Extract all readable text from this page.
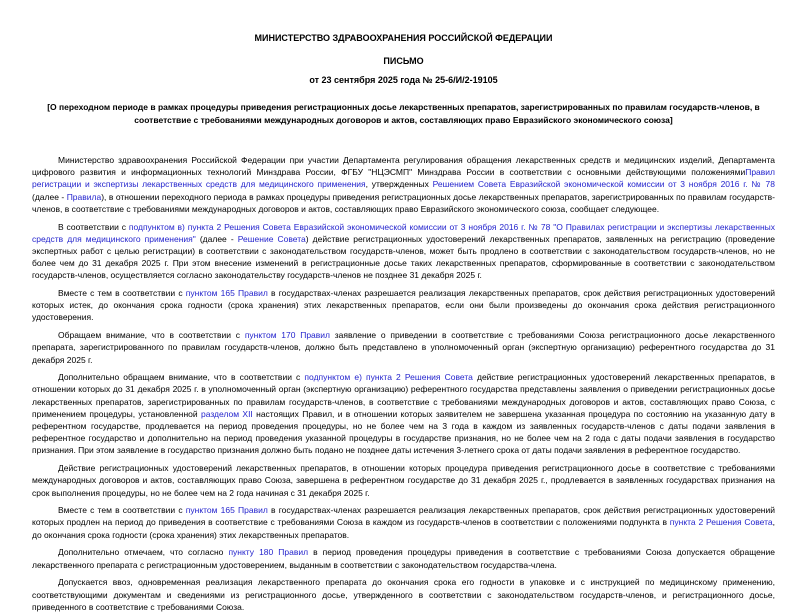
МИНИСТЕРСТВО ЗДРАВООХРАНЕНИЯ РОССИЙСКОЙ ФЕДЕРАЦИИ
ПИСЬМО
от 23 сентября 2025 года № 25-6/И/2-19105
[О переходном периоде в рамках процедуры приведения регистрационных досье лекарственных препаратов, зарегистрированных по правилам государств-членов, в соответствие с требованиями международных договоров и актов, составляющих право Евразийского экономического союза]

Министерство здравоохранения Российской Федерации при участии Департамента регулирования обращения лекарственных средств и медицинских изделий, Департамента цифрового развития и информационных технологий Минздрава России, ФГБУ "НЦЭСМП" Минздрава России в соответствии с основными действующими положениямиПравил регистрации и экспертизы лекарственных средств для медицинского применения, утвержденных Решением Совета Евразийской экономической комиссии от 3 ноября 2016 г. № 78 (далее - Правила), в отношении переходного периода в рамках процедуры приведения регистрационных досье лекарственных препаратов, зарегистрированных по правилам государств-членов, в соответствие с требованиями международных договоров и актов, составляющих право Евразийского экономического союза, сообщает следующее.

В соответствии с подпунктом в) пункта 2 Решения Совета Евразийской экономической комиссии от 3 ноября 2016 г. № 78 "О Правилах регистрации и экспертизы лекарственных средств для медицинского применения" (далее - Решение Совета) действие регистрационных удостоверений лекарственных препаратов, заявленных на регистрацию (проведение экспертных работ с целью регистрации) в соответствии с законодательством государств-членов, может быть продлено в соответствии с законодательством государств-членов, но не более чем до 31 декабря 2025 г. При этом внесение изменений в регистрационные досье таких лекарственных препаратов, сформированные в соответствии с законодательством государств-членов, осуществляется согласно законодательству государств-членов не позднее 31 декабря 2025 г.

Вместе с тем в соответствии с пунктом 165 Правил в государствах-членах разрешается реализация лекарственных препаратов, срок действия регистрационных удостоверений которых истек, до окончания срока годности (срока хранения) этих лекарственных препаратов, если они были произведены до окончания срока действия регистрационного удостоверения.

Обращаем внимание, что в соответствии с пунктом 170 Правил заявление о приведении в соответствие с требованиями Союза регистрационного досье лекарственного препарата, зарегистрированного по правилам государств-членов, должно быть представлено в уполномоченный орган (экспертную организацию) референтного государства до 31 декабря 2025 г.

Дополнительно обращаем внимание, что в соответствии с подпунктом е) пункта 2 Решения Совета действие регистрационных удостоверений лекарственных препаратов, в отношении которых до 31 декабря 2025 г. в уполномоченный орган (экспертную организацию) референтного государства представлены заявления о приведении регистрационных досье лекарственных препаратов, зарегистрированных по правилам государств-членов, в соответствие с требованиями международных договоров и актов, составляющих право Союза, с применением процедуры, установленной разделом XII настоящих Правил, и в отношении которых заявителем не завершена указанная процедура по состоянию на указанную дату в референтном государстве, продлевается на период проведения процедуры, но не более чем на 3 года в каждом из заявленных государств-членов с даты подачи заявления в референтное государство и дополнительно на период проведения указанной процедуры в государстве признания, но не более чем на 2 года с даты подачи заявления в государство признания. При этом заявление в государство признания должно быть подано не позднее даты истечения 3-летнего срока от даты подачи заявления в референтное государство.

Действие регистрационных удостоверений лекарственных препаратов, в отношении которых процедура приведения регистрационного досье в соответствие с требованиями международных договоров и актов, составляющих право Союза, завершена в референтном государстве до 31 декабря 2025 г., продлевается в заявленных государствах признания на срок выполнения процедуры, но не более чем на 2 года начиная с 31 декабря 2025 г.

Вместе с тем в соответствии с пунктом 165 Правил в государствах-членах разрешается реализация лекарственных препаратов, срок действия регистрационных удостоверений которых продлен на период до приведения в соответствие с требованиями Союза в каждом из государств-членов в соответствии с положениями подпункта в пункта 2 Решения Совета, до окончания срока годности (срока хранения) этих лекарственных препаратов.

Дополнительно отмечаем, что согласно пункту 180 Правил в период проведения процедуры приведения в соответствие с требованиями Союза допускается обращение лекарственного препарата с регистрационным удостоверением, выданным в соответствии с законодательством государства-члена.

Допускается ввоз, одновременная реализация лекарственного препарата до окончания срока его годности в упаковке и с инструкцией по медицинскому применению, соответствующими документам и сведениями из регистрационного досье, утвержденного в соответствии с законодательством государств-членов, и регистрационного досье, приведенного в соответствие с требованиями Союза.
